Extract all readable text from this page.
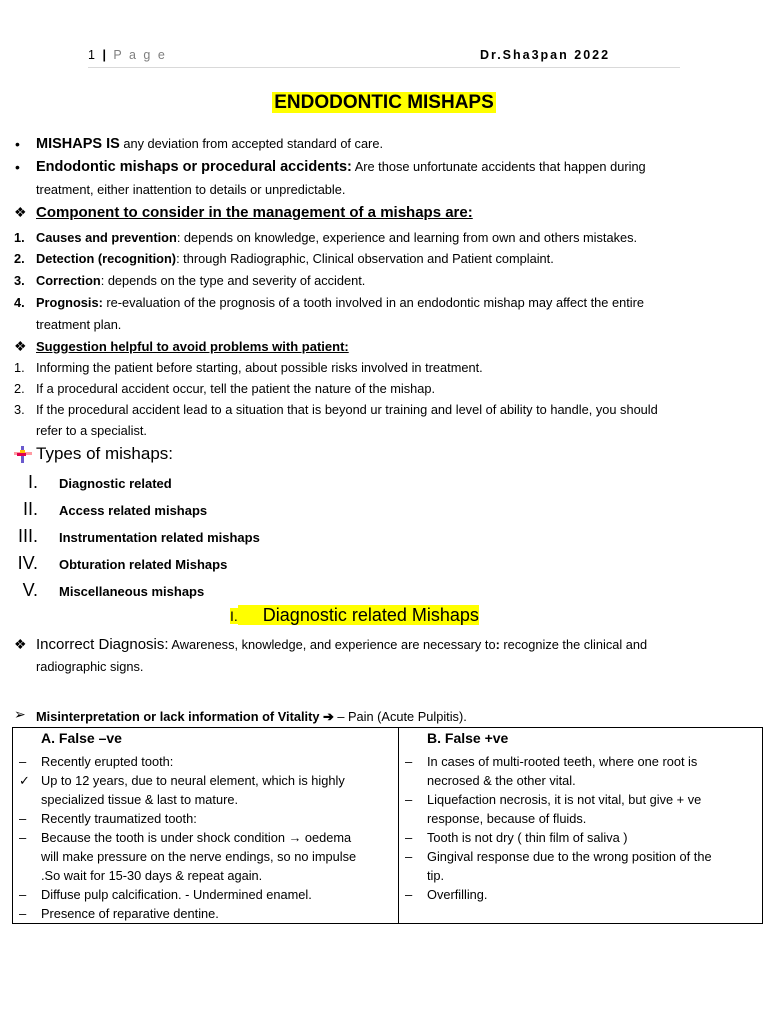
1 | P a g e	Dr.Sha3pan 2022
ENDODONTIC MISHAPS
• MISHAPS IS any deviation from accepted standard of care.
• Endodontic mishaps or procedural accidents: Are those unfortunate accidents that happen during
treatment, either inattention to details or unpredictable.
❖ Component to consider in the management of a mishaps are:
1. Causes and prevention: depends on knowledge, experience and learning from own and others mistakes.
2. Detection (recognition): through Radiographic, Clinical observation and Patient complaint.
3. Correction: depends on the type and severity of accident.
4. Prognosis: re-evaluation of the prognosis of a tooth involved in an endodontic mishap may affect the entire
treatment plan.
❖ Suggestion helpful to avoid problems with patient:
1. Informing the patient before starting, about possible risks involved in treatment.
2. If a procedural accident occur, tell the patient the nature of the mishap.
3. If the procedural accident lead to a situation that is beyond ur training and level of ability to handle, you should
refer to a specialist.
Types of mishaps:
I. Diagnostic related
II. Access related mishaps
III. Instrumentation related mishaps
IV. Obturation related Mishaps
V. Miscellaneous mishaps
I. Diagnostic related Mishaps
❖ Incorrect Diagnosis: Awareness, knowledge, and experience are necessary to: recognize the clinical and
radiographic signs.
➢ Misinterpretation or lack information of Vitality ➔ – Pain (Acute Pulpitis).
A. False –ve
– Recently erupted tooth:
✓ Up to 12 years, due to neural element, which is highly
specialized tissue & last to mature.
– Recently traumatized tooth:
– Because the tooth is under shock condition → oedema
will make pressure on the nerve endings, so no impulse
.So wait for 15-30 days & repeat again.
– Diffuse pulp calcification. - Undermined enamel.
– Presence of reparative dentine.

B. False +ve
– In cases of multi-rooted teeth, where one root is
necrosed & the other vital.
– Liquefaction necrosis, it is not vital, but give + ve
response, because of fluids.
– Tooth is not dry ( thin film of saliva )
– Gingival response due to the wrong position of the
tip.
– Overfilling.
